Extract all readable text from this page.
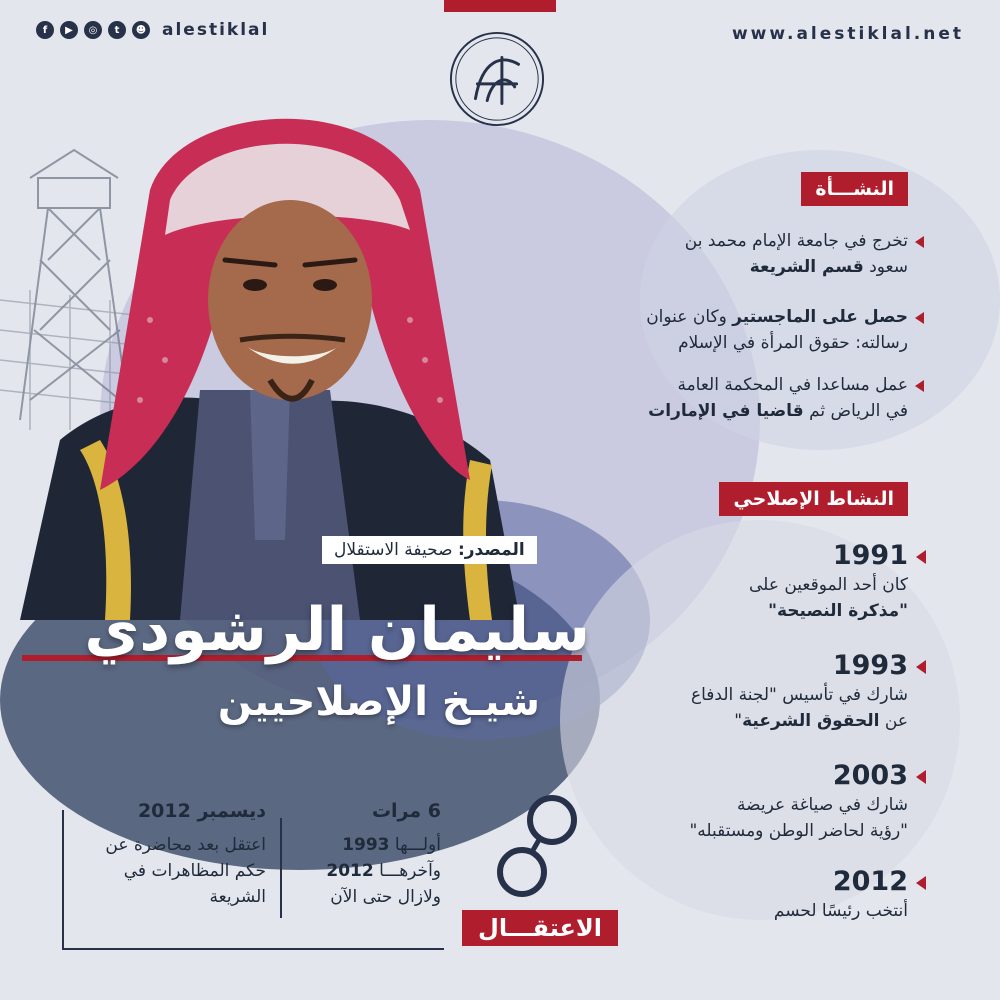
f	▶	◎	t	☻ alestiklal	www.alestiklal.net
المصدر: صحيفة الاستقلال
سليمان الرشودي
شيـخ الإصلاحيين
النشـــأة
تخرج في جامعة الإمام محمد بن
سعود قسم الشريعة
حصل على الماجستير وكان عنوان
رسالته: حقوق المرأة في الإسلام
عمل مساعدا في المحكمة العامة
في الرياض ثم قاضيا في الإمارات
النشاط الإصلاحي
1991
كان أحد الموقعين على
"مذكرة النصيحة"
1993
شارك في تأسيس "لجنة الدفاع
عن الحقوق الشرعية"
2003
شارك في صياغة عريضة
"رؤية لحاضر الوطن ومستقبله"
2012
أنتخب رئيسًا لحسم
6 مرات
أولـــها 1993
وآخرهـــا 2012
ولازال حتى الآن
ديسمبر 2012
اعتقل بعد محاضرة عن
حكم المظاهرات في
الشريعة
الاعتقـــال
